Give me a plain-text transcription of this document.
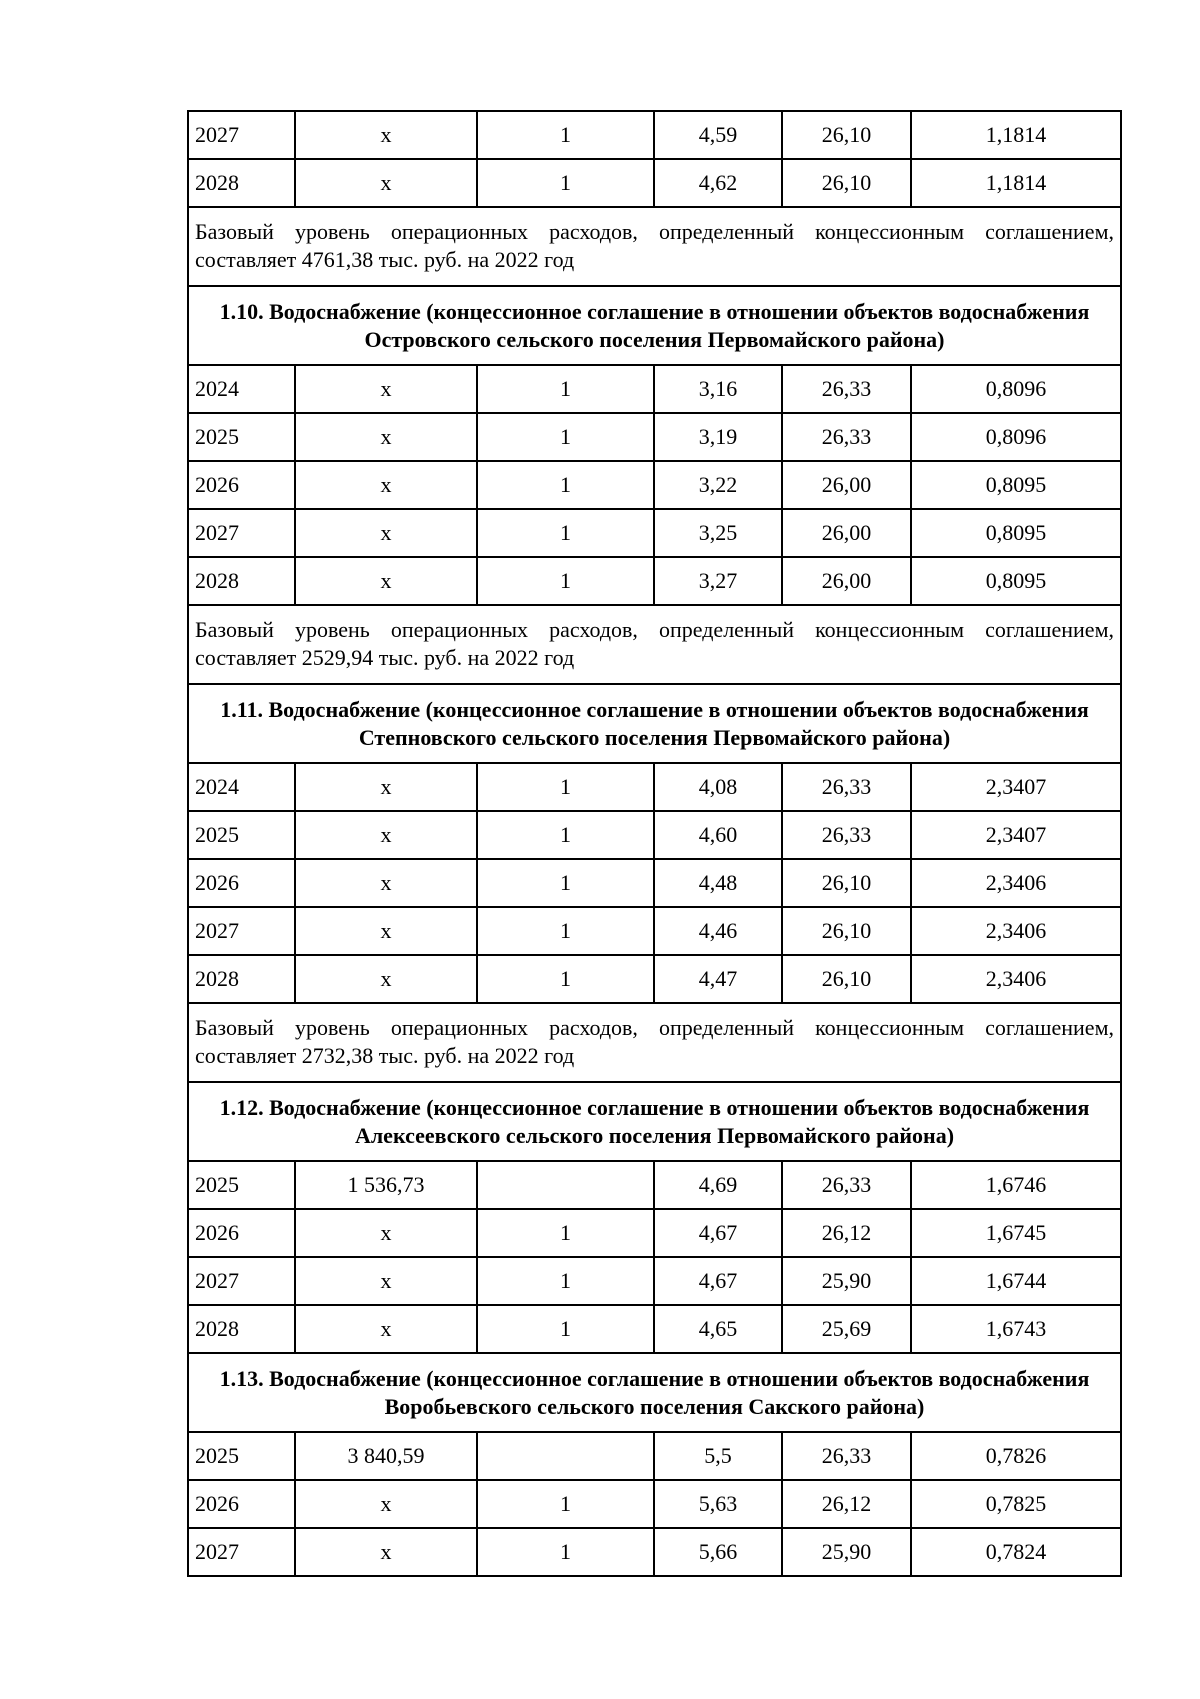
2027	x	1	4,59	26,10	1,1814
2028	x	1	4,62	26,10	1,1814
Базовый уровень операционных расходов, определенный концессионным соглашением, составляет 4761,38 тыс. руб. на 2022 год					
1.10. Водоснабжение (концессионное соглашение в отношении объектов водоснабжения Островского сельского поселения Первомайского района)					
2024	x	1	3,16	26,33	0,8096
2025	x	1	3,19	26,33	0,8096
2026	x	1	3,22	26,00	0,8095
2027	x	1	3,25	26,00	0,8095
2028	x	1	3,27	26,00	0,8095
Базовый уровень операционных расходов, определенный концессионным соглашением, составляет 2529,94 тыс. руб. на 2022 год					
1.11. Водоснабжение (концессионное соглашение в отношении объектов водоснабжения Степновского сельского поселения Первомайского района)					
2024	x	1	4,08	26,33	2,3407
2025	x	1	4,60	26,33	2,3407
2026	x	1	4,48	26,10	2,3406
2027	x	1	4,46	26,10	2,3406
2028	x	1	4,47	26,10	2,3406
Базовый уровень операционных расходов, определенный концессионным соглашением, составляет 2732,38 тыс. руб. на 2022 год					
1.12. Водоснабжение (концессионное соглашение в отношении объектов водоснабжения Алексеевского сельского поселения Первомайского района)					
2025	1 536,73		4,69	26,33	1,6746
2026	x	1	4,67	26,12	1,6745
2027	x	1	4,67	25,90	1,6744
2028	x	1	4,65	25,69	1,6743
1.13. Водоснабжение (концессионное соглашение в отношении объектов водоснабжения Воробьевского сельского поселения Сакского района)					
2025	3 840,59		5,5	26,33	0,7826
2026	x	1	5,63	26,12	0,7825
2027	x	1	5,66	25,90	0,7824
